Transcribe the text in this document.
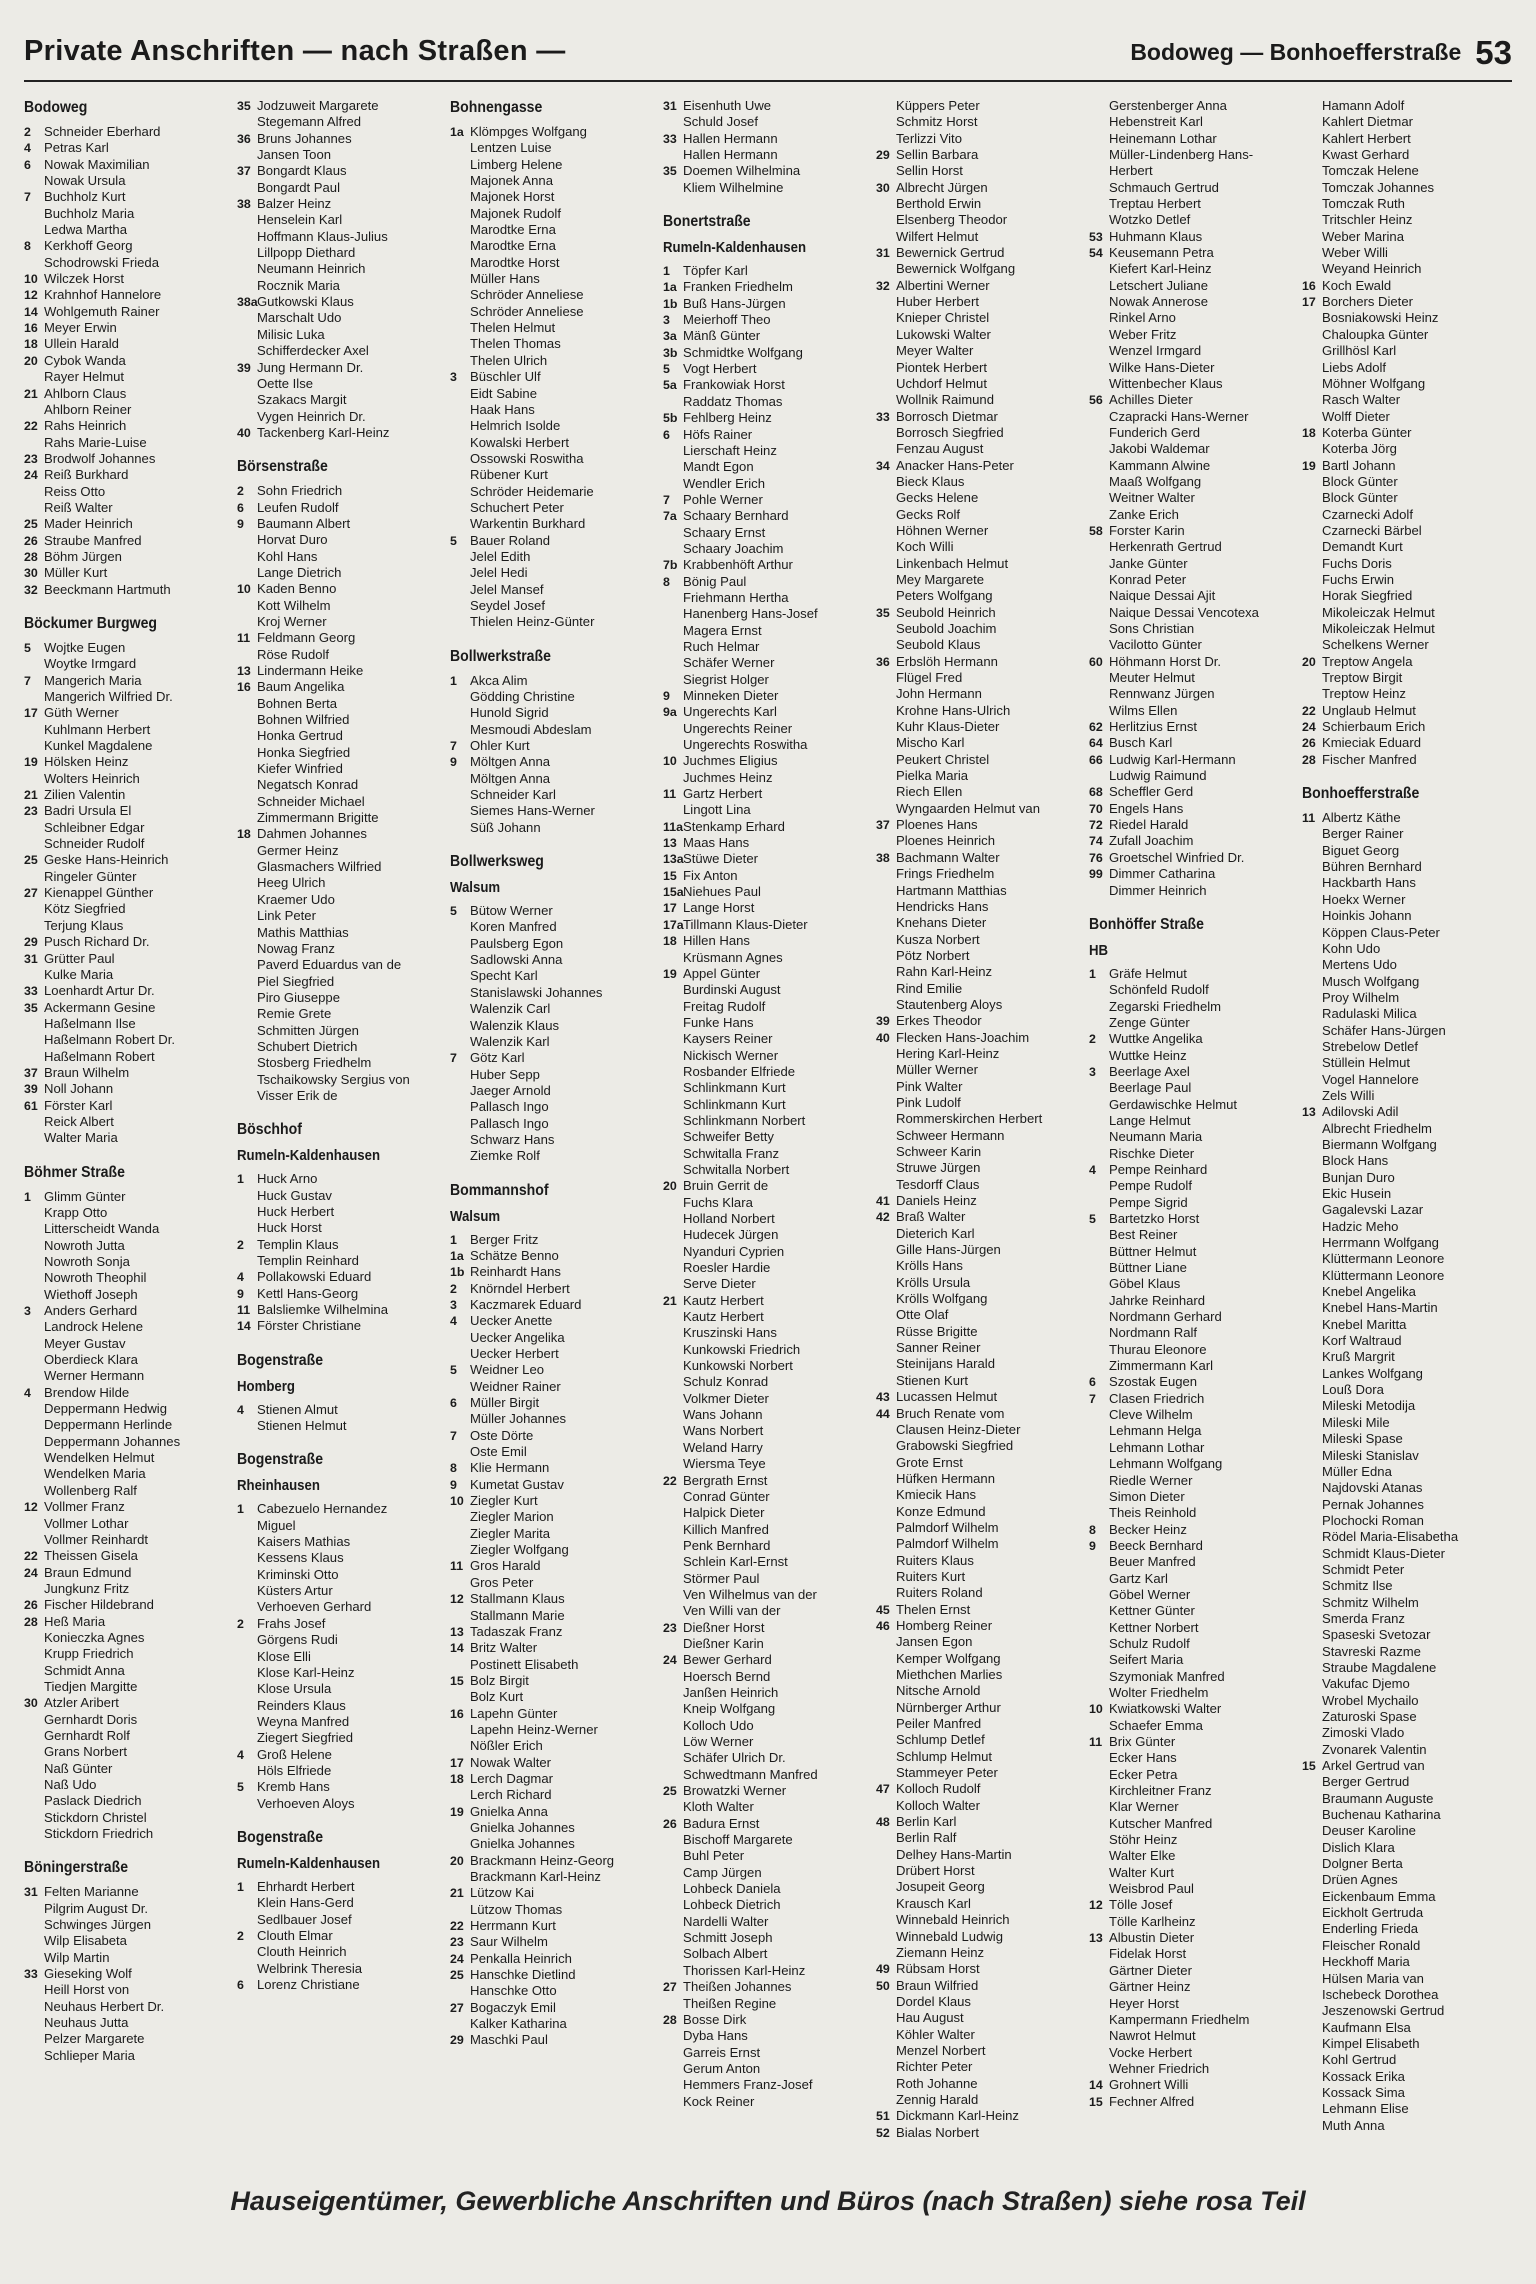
Private Anschriften — nach Straßen —	Bodoweg — Bonhoefferstraße 53
Bodoweg
2 Schneider Eberhard
4 Petras Karl
6 Nowak Maximilian
Nowak Ursula
7 Buchholz Kurt
Buchholz Maria
Ledwa Martha
8 Kerkhoff Georg
Schodrowski Frieda
10 Wilczek Horst
12 Krahnhof Hannelore
14 Wohlgemuth Rainer
16 Meyer Erwin
18 Ullein Harald
20 Cybok Wanda
Rayer Helmut
21 Ahlborn Claus
Ahlborn Reiner
22 Rahs Heinrich
Rahs Marie-Luise
23 Brodwolf Johannes
24 Reiß Burkhard
Reiss Otto
Reiß Walter
25 Mader Heinrich
26 Straube Manfred
28 Böhm Jürgen
30 Müller Kurt
32 Beeckmann Hartmuth
Böckumer Burgweg
5 Wojtke Eugen
Woytke Irmgard
7 Mangerich Maria
Mangerich Wilfried Dr.
17 Güth Werner
Kuhlmann Herbert
Kunkel Magdalene
19 Hölsken Heinz
Wolters Heinrich
21 Zilien Valentin
23 Badri Ursula El
Schleibner Edgar
Schneider Rudolf
25 Geske Hans-Heinrich
Ringeler Günter
27 Kienappel Günther
Kötz Siegfried
Terjung Klaus
29 Pusch Richard Dr.
31 Grütter Paul
Kulke Maria
33 Loenhardt Artur Dr.
35 Ackermann Gesine
Haßelmann Ilse
Haßelmann Robert Dr.
Haßelmann Robert
37 Braun Wilhelm
39 Noll Johann
61 Förster Karl
Reick Albert
Walter Maria
Böhmer Straße
1 Glimm Günter
Krapp Otto
Litterscheidt Wanda
Nowroth Jutta
Nowroth Sonja
Nowroth Theophil
Wiethoff Joseph
3 Anders Gerhard
Landrock Helene
Meyer Gustav
Oberdieck Klara
Werner Hermann
4 Brendow Hilde
Deppermann Hedwig
Deppermann Herlinde
Deppermann Johannes
Wendelken Helmut
Wendelken Maria
Wollenberg Ralf
12 Vollmer Franz
Vollmer Lothar
Vollmer Reinhardt
22 Theissen Gisela
24 Braun Edmund
Jungkunz Fritz
26 Fischer Hildebrand
28 Heß Maria
Konieczka Agnes
Krupp Friedrich
Schmidt Anna
Tiedjen Margitte
30 Atzler Aribert
Gernhardt Doris
Gernhardt Rolf
Grans Norbert
Naß Günter
Naß Udo
Paslack Diedrich
Stickdorn Christel
Stickdorn Friedrich
Böningerstraße
31 Felten Marianne
Pilgrim August Dr.
Schwinges Jürgen
Wilp Elisabeta
Wilp Martin
33 Gieseking Wolf
Heill Horst von
Neuhaus Herbert Dr.
Neuhaus Jutta
Pelzer Margarete
Schlieper Maria
35 Jodzuweit Margarete
Stegemann Alfred
36 Bruns Johannes
Jansen Toon
37 Bongardt Klaus
Bongardt Paul
38 Balzer Heinz
Henselein Karl
Hoffmann Klaus-Julius
Lillpopp Diethard
Neumann Heinrich
Rocznik Maria
38a Gutkowski Klaus
Marschalt Udo
Milisic Luka
Schifferdecker Axel
39 Jung Hermann Dr.
Oette Ilse
Szakacs Margit
Vygen Heinrich Dr.
40 Tackenberg Karl-Heinz
Börsenstraße
2 Sohn Friedrich
6 Leufen Rudolf
9 Baumann Albert
Horvat Duro
Kohl Hans
Lange Dietrich
10 Kaden Benno
Kott Wilhelm
Kroj Werner
11 Feldmann Georg
Röse Rudolf
13 Lindermann Heike
16 Baum Angelika
Bohnen Berta
Bohnen Wilfried
Honka Gertrud
Honka Siegfried
Kiefer Winfried
Negatsch Konrad
Schneider Michael
Zimmermann Brigitte
18 Dahmen Johannes
Germer Heinz
Glasmachers Wilfried
Heeg Ulrich
Kraemer Udo
Link Peter
Mathis Matthias
Nowag Franz
Paverd Eduardus van de
Piel Siegfried
Piro Giuseppe
Remie Grete
Schmitten Jürgen
Schubert Dietrich
Stosberg Friedhelm
Tschaikowsky Sergius von
Visser Erik de
Böschhof
Rumeln-Kaldenhausen
1 Huck Arno
Huck Gustav
Huck Herbert
Huck Horst
2 Templin Klaus
Templin Reinhard
4 Pollakowski Eduard
9 Kettl Hans-Georg
11 Balsliemke Wilhelmina
14 Förster Christiane
Bogenstraße
Homberg
4 Stienen Almut
Stienen Helmut
Bogenstraße
Rheinhausen
1 Cabezuelo Hernandez
Miguel
Kaisers Mathias
Kessens Klaus
Kriminski Otto
Küsters Artur
Verhoeven Gerhard
2 Frahs Josef
Görgens Rudi
Klose Elli
Klose Karl-Heinz
Klose Ursula
Reinders Klaus
Weyna Manfred
Ziegert Siegfried
4 Groß Helene
Höls Elfriede
5 Kremb Hans
Verhoeven Aloys
Bogenstraße
Rumeln-Kaldenhausen
1 Ehrhardt Herbert
Klein Hans-Gerd
Sedlbauer Josef
2 Clouth Elmar
Clouth Heinrich
Welbrink Theresia
6 Lorenz Christiane
Bohnengasse
1a Klömpges Wolfgang
Lentzen Luise
Limberg Helene
Majonek Anna
Majonek Horst
Majonek Rudolf
Marodtke Erna
Marodtke Erna
Marodtke Horst
Müller Hans
Schröder Anneliese
Schröder Anneliese
Thelen Helmut
Thelen Thomas
Thelen Ulrich
3 Büschler Ulf
Eidt Sabine
Haak Hans
Helmrich Isolde
Kowalski Herbert
Ossowski Roswitha
Rübener Kurt
Schröder Heidemarie
Schuchert Peter
Warkentin Burkhard
5 Bauer Roland
Jelel Edith
Jelel Hedi
Jelel Mansef
Seydel Josef
Thielen Heinz-Günter
Bollwerkstraße
1 Akca Alim
Gödding Christine
Hunold Sigrid
Mesmoudi Abdeslam
7 Ohler Kurt
9 Möltgen Anna
Möltgen Anna
Schneider Karl
Siemes Hans-Werner
Süß Johann
Bollwerksweg
Walsum
5 Bütow Werner
Koren Manfred
Paulsberg Egon
Sadlowski Anna
Specht Karl
Stanislawski Johannes
Walenzik Carl
Walenzik Klaus
Walenzik Karl
7 Götz Karl
Huber Sepp
Jaeger Arnold
Pallasch Ingo
Pallasch Ingo
Schwarz Hans
Ziemke Rolf
Bommannshof
Walsum
1 Berger Fritz
1a Schätze Benno
1b Reinhardt Hans
2 Knörndel Herbert
3 Kaczmarek Eduard
4 Uecker Anette
Uecker Angelika
Uecker Herbert
5 Weidner Leo
Weidner Rainer
6 Müller Birgit
Müller Johannes
7 Oste Dörte
Oste Emil
8 Klie Hermann
9 Kumetat Gustav
10 Ziegler Kurt
Ziegler Marion
Ziegler Marita
Ziegler Wolfgang
11 Gros Harald
Gros Peter
12 Stallmann Klaus
Stallmann Marie
13 Tadaszak Franz
14 Britz Walter
Postinett Elisabeth
15 Bolz Birgit
Bolz Kurt
16 Lapehn Günter
Lapehn Heinz-Werner
Nößler Erich
17 Nowak Walter
18 Lerch Dagmar
Lerch Richard
19 Gnielka Anna
Gnielka Johannes
Gnielka Johannes
20 Brackmann Heinz-Georg
Brackmann Karl-Heinz
21 Lützow Kai
Lützow Thomas
22 Herrmann Kurt
23 Saur Wilhelm
24 Penkalla Heinrich
25 Hanschke Dietlind
Hanschke Otto
27 Bogaczyk Emil
Kalker Katharina
29 Maschki Paul
31 Eisenhuth Uwe
Schuld Josef
33 Hallen Hermann
Hallen Hermann
35 Doemen Wilhelmina
Kliem Wilhelmine
Bonertstraße
Rumeln-Kaldenhausen
1 Töpfer Karl
1a Franken Friedhelm
1b Buß Hans-Jürgen
3 Meierhoff Theo
3a Mänß Günter
3b Schmidtke Wolfgang
5 Vogt Herbert
5a Frankowiak Horst
Raddatz Thomas
5b Fehlberg Heinz
6 Höfs Rainer
Lierschaft Heinz
Mandt Egon
Wendler Erich
7 Pohle Werner
7a Schaary Bernhard
Schaary Ernst
Schaary Joachim
7b Krabbenhöft Arthur
8 Bönig Paul
Friehmann Hertha
Hanenberg Hans-Josef
Magera Ernst
Ruch Helmar
Schäfer Werner
Siegrist Holger
9 Minneken Dieter
9a Ungerechts Karl
Ungerechts Reiner
Ungerechts Roswitha
10 Juchmes Eligius
Juchmes Heinz
11 Gartz Herbert
Lingott Lina
11a Stenkamp Erhard
13 Maas Hans
13a Stüwe Dieter
15 Fix Anton
15a Niehues Paul
17 Lange Horst
17a Tillmann Klaus-Dieter
18 Hillen Hans
Krüsmann Agnes
19 Appel Günter
Burdinski August
Freitag Rudolf
Funke Hans
Kaysers Reiner
Nickisch Werner
Rosbander Elfriede
Schlinkmann Kurt
Schlinkmann Kurt
Schlinkmann Norbert
Schweifer Betty
Schwitalla Franz
Schwitalla Norbert
20 Bruin Gerrit de
Fuchs Klara
Holland Norbert
Hudecek Jürgen
Nyanduri Cyprien
Roesler Hardie
Serve Dieter
21 Kautz Herbert
Kautz Herbert
Kruszinski Hans
Kunkowski Friedrich
Kunkowski Norbert
Schulz Konrad
Volkmer Dieter
Wans Johann
Wans Norbert
Weland Harry
Wiersma Teye
22 Bergrath Ernst
Conrad Günter
Halpick Dieter
Killich Manfred
Penk Bernhard
Schlein Karl-Ernst
Störmer Paul
Ven Wilhelmus van der
Ven Willi van der
23 Dießner Horst
Dießner Karin
24 Bewer Gerhard
Hoersch Bernd
Janßen Heinrich
Kneip Wolfgang
Kolloch Udo
Löw Werner
Schäfer Ulrich Dr.
Schwedtmann Manfred
25 Browatzki Werner
Kloth Walter
26 Badura Ernst
Bischoff Margarete
Buhl Peter
Camp Jürgen
Lohbeck Daniela
Lohbeck Dietrich
Nardelli Walter
Schmitt Joseph
Solbach Albert
Thorissen Karl-Heinz
27 Theißen Johannes
Theißen Regine
28 Bosse Dirk
Dyba Hans
Garreis Ernst
Gerum Anton
Hemmers Franz-Josef
Kock Reiner
Küppers Peter
Schmitz Horst
Terlizzi Vito
29 Sellin Barbara
Sellin Horst
30 Albrecht Jürgen
Berthold Erwin
Elsenberg Theodor
Wilfert Helmut
31 Bewernick Gertrud
Bewernick Wolfgang
32 Albertini Werner
Huber Herbert
Knieper Christel
Lukowski Walter
Meyer Walter
Piontek Herbert
Uchdorf Helmut
Wollnik Raimund
33 Borrosch Dietmar
Borrosch Siegfried
Fenzau August
34 Anacker Hans-Peter
Bieck Klaus
Gecks Helene
Gecks Rolf
Höhnen Werner
Koch Willi
Linkenbach Helmut
Mey Margarete
Peters Wolfgang
35 Seubold Heinrich
Seubold Joachim
Seubold Klaus
36 Erbslöh Hermann
Flügel Fred
John Hermann
Krohne Hans-Ulrich
Kuhr Klaus-Dieter
Mischo Karl
Peukert Christel
Pielka Maria
Riech Ellen
Wyngaarden Helmut van
37 Ploenes Hans
Ploenes Heinrich
38 Bachmann Walter
Frings Friedhelm
Hartmann Matthias
Hendricks Hans
Knehans Dieter
Kusza Norbert
Pötz Norbert
Rahn Karl-Heinz
Rind Emilie
Stautenberg Aloys
39 Erkes Theodor
40 Flecken Hans-Joachim
Hering Karl-Heinz
Müller Werner
Pink Walter
Pink Ludolf
Rommerskirchen Herbert
Schweer Hermann
Schweer Karin
Struwe Jürgen
Tesdorff Claus
41 Daniels Heinz
42 Braß Walter
Dieterich Karl
Gille Hans-Jürgen
Krölls Hans
Krölls Ursula
Krölls Wolfgang
Otte Olaf
Rüsse Brigitte
Sanner Reiner
Steinijans Harald
Stienen Kurt
43 Lucassen Helmut
44 Bruch Renate vom
Clausen Heinz-Dieter
Grabowski Siegfried
Grote Ernst
Hüfken Hermann
Kmiecik Hans
Konze Edmund
Palmdorf Wilhelm
Palmdorf Wilhelm
Ruiters Klaus
Ruiters Kurt
Ruiters Roland
45 Thelen Ernst
46 Homberg Reiner
Jansen Egon
Kemper Wolfgang
Miethchen Marlies
Nitsche Arnold
Nürnberger Arthur
Peiler Manfred
Schlump Detlef
Schlump Helmut
Stammeyer Peter
47 Kolloch Rudolf
Kolloch Walter
48 Berlin Karl
Berlin Ralf
Delhey Hans-Martin
Drübert Horst
Josupeit Georg
Krausch Karl
Winnebald Heinrich
Winnebald Ludwig
Ziemann Heinz
49 Rübsam Horst
50 Braun Wilfried
Dordel Klaus
Hau August
Köhler Walter
Menzel Norbert
Richter Peter
Roth Johanne
Zennig Harald
51 Dickmann Karl-Heinz
52 Bialas Norbert
Gerstenberger Anna
Hebenstreit Karl
Heinemann Lothar
Müller-Lindenberg Hans-
Herbert
Schmauch Gertrud
Treptau Herbert
Wotzko Detlef
53 Huhmann Klaus
54 Keusemann Petra
Kiefert Karl-Heinz
Letschert Juliane
Nowak Annerose
Rinkel Arno
Weber Fritz
Wenzel Irmgard
Wilke Hans-Dieter
Wittenbecher Klaus
56 Achilles Dieter
Czapracki Hans-Werner
Funderich Gerd
Jakobi Waldemar
Kammann Alwine
Maaß Wolfgang
Weitner Walter
Zanke Erich
58 Forster Karin
Herkenrath Gertrud
Janke Günter
Konrad Peter
Naique Dessai Ajit
Naique Dessai Vencotexa
Sons Christian
Vacilotto Günter
60 Höhmann Horst Dr.
Meuter Helmut
Rennwanz Jürgen
Wilms Ellen
62 Herlitzius Ernst
64 Busch Karl
66 Ludwig Karl-Hermann
Ludwig Raimund
68 Scheffler Gerd
70 Engels Hans
72 Riedel Harald
74 Zufall Joachim
76 Groetschel Winfried Dr.
99 Dimmer Catharina
Dimmer Heinrich
Bonhöffer Straße
HB
1 Gräfe Helmut
Schönfeld Rudolf
Zegarski Friedhelm
Zenge Günter
2 Wuttke Angelika
Wuttke Heinz
3 Beerlage Axel
Beerlage Paul
Gerdawischke Helmut
Lange Helmut
Neumann Maria
Rischke Dieter
4 Pempe Reinhard
Pempe Rudolf
Pempe Sigrid
5 Bartetzko Horst
Best Reiner
Büttner Helmut
Büttner Liane
Göbel Klaus
Jahrke Reinhard
Nordmann Gerhard
Nordmann Ralf
Thurau Eleonore
Zimmermann Karl
6 Szostak Eugen
7 Clasen Friedrich
Cleve Wilhelm
Lehmann Helga
Lehmann Lothar
Lehmann Wolfgang
Riedle Werner
Simon Dieter
Theis Reinhold
8 Becker Heinz
9 Beeck Bernhard
Beuer Manfred
Gartz Karl
Göbel Werner
Kettner Günter
Kettner Norbert
Schulz Rudolf
Seifert Maria
Szymoniak Manfred
Wolter Friedhelm
10 Kwiatkowski Walter
Schaefer Emma
11 Brix Günter
Ecker Hans
Ecker Petra
Kirchleitner Franz
Klar Werner
Kutscher Manfred
Stöhr Heinz
Walter Elke
Walter Kurt
Weisbrod Paul
12 Tölle Josef
Tölle Karlheinz
13 Albustin Dieter
Fidelak Horst
Gärtner Dieter
Gärtner Heinz
Heyer Horst
Kampermann Friedhelm
Nawrot Helmut
Vocke Herbert
Wehner Friedrich
14 Grohnert Willi
15 Fechner Alfred
Hamann Adolf
Kahlert Dietmar
Kahlert Herbert
Kwast Gerhard
Tomczak Helene
Tomczak Johannes
Tomczak Ruth
Tritschler Heinz
Weber Marina
Weber Willi
Weyand Heinrich
16 Koch Ewald
17 Borchers Dieter
Bosniakowski Heinz
Chaloupka Günter
Grillhösl Karl
Liebs Adolf
Möhner Wolfgang
Rasch Walter
Wolff Dieter
18 Koterba Günter
Koterba Jörg
19 Bartl Johann
Block Günter
Block Günter
Czarnecki Adolf
Czarnecki Bärbel
Demandt Kurt
Fuchs Doris
Fuchs Erwin
Horak Siegfried
Mikoleiczak Helmut
Mikoleiczak Helmut
Schelkens Werner
20 Treptow Angela
Treptow Birgit
Treptow Heinz
22 Unglaub Helmut
24 Schierbaum Erich
26 Kmieciak Eduard
28 Fischer Manfred
Bonhoefferstraße
11 Albertz Käthe
Berger Rainer
Biguet Georg
Bühren Bernhard
Hackbarth Hans
Hoekx Werner
Hoinkis Johann
Köppen Claus-Peter
Kohn Udo
Mertens Udo
Musch Wolfgang
Proy Wilhelm
Radulaski Milica
Schäfer Hans-Jürgen
Strebelow Detlef
Stüllein Helmut
Vogel Hannelore
Zels Willi
13 Adilovski Adil
Albrecht Friedhelm
Biermann Wolfgang
Block Hans
Bunjan Duro
Ekic Husein
Gagalevski Lazar
Hadzic Meho
Herrmann Wolfgang
Klüttermann Leonore
Klüttermann Leonore
Knebel Angelika
Knebel Hans-Martin
Knebel Maritta
Korf Waltraud
Kruß Margrit
Lankes Wolfgang
Louß Dora
Mileski Metodija
Mileski Mile
Mileski Spase
Mileski Stanislav
Müller Edna
Najdovski Atanas
Pernak Johannes
Plochocki Roman
Rödel Maria-Elisabetha
Schmidt Klaus-Dieter
Schmidt Peter
Schmitz Ilse
Schmitz Wilhelm
Smerda Franz
Spaseski Svetozar
Stavreski Razme
Straube Magdalene
Vakufac Djemo
Wrobel Mychailo
Zaturoski Spase
Zimoski Vlado
Zvonarek Valentin
15 Arkel Gertrud van
Berger Gertrud
Braumann Auguste
Buchenau Katharina
Deuser Karoline
Dislich Klara
Dolgner Berta
Drüen Agnes
Eickenbaum Emma
Eickholt Gertruda
Enderling Frieda
Fleischer Ronald
Heckhoff Maria
Hülsen Maria van
Ischebeck Dorothea
Jeszenowski Gertrud
Kaufmann Elsa
Kimpel Elisabeth
Kohl Gertrud
Kossack Erika
Kossack Sima
Lehmann Elise
Muth Anna
Hauseigentümer, Gewerbliche Anschriften und Büros (nach Straßen) siehe rosa Teil
